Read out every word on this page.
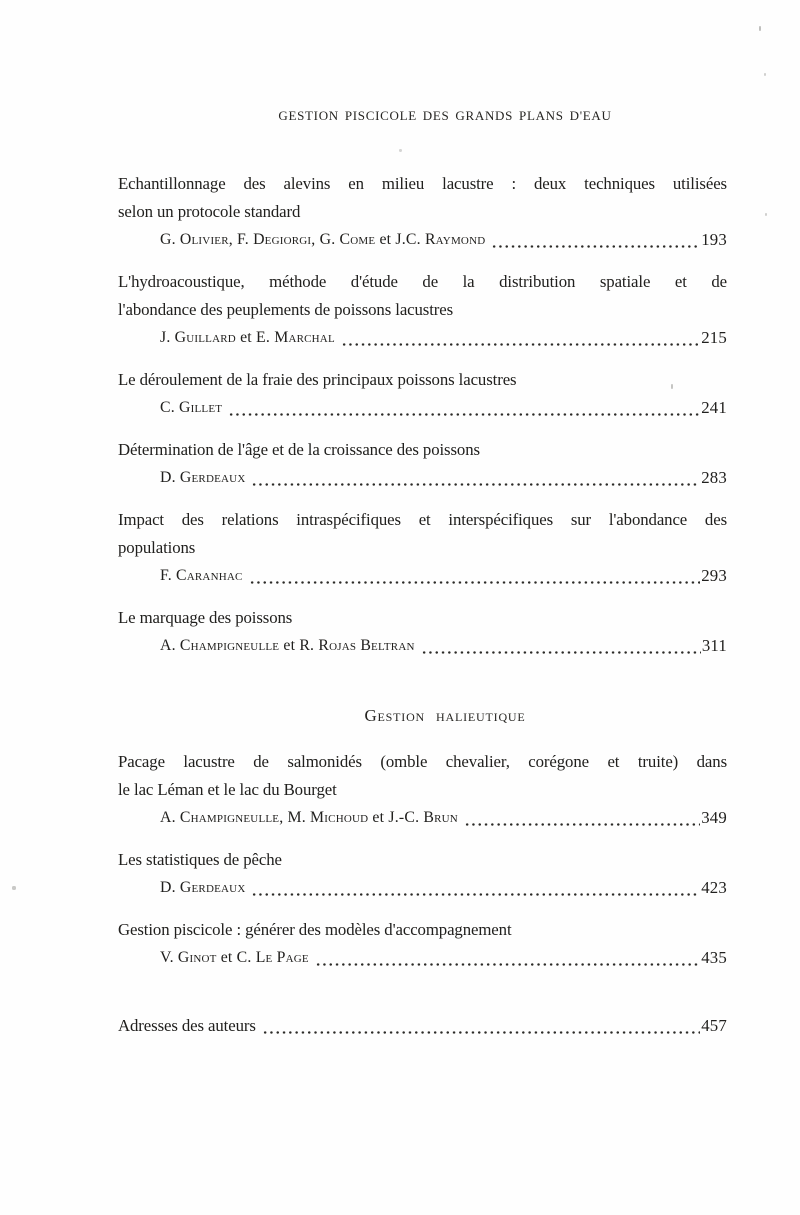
GESTION PISCICOLE DES GRANDS PLANS D'EAU
Echantillonnage des alevins en milieu lacustre : deux techniques utilisées
selon un protocole standard
G. Olivier, F. Degiorgi, G. Come et J.C. Raymond	193
L'hydroacoustique, méthode d'étude de la distribution spatiale et de
l'abondance des peuplements de poissons lacustres
J. Guillard et E. Marchal	215
Le déroulement de la fraie des principaux poissons lacustres
C. Gillet	241
Détermination de l'âge et de la croissance des poissons
D. Gerdeaux	283
Impact des relations intraspécifiques et interspécifiques sur l'abondance des
populations
F. Caranhac	293
Le marquage des poissons
A. Champigneulle et R. Rojas Beltran	311
Gestion halieutique
Pacage lacustre de salmonidés (omble chevalier, corégone et truite) dans
le lac Léman et le lac du Bourget
A. Champigneulle, M. Michoud et J.-C. Brun	349
Les statistiques de pêche
D. Gerdeaux	423
Gestion piscicole : générer des modèles d'accompagnement
V. Ginot et C. Le Page	435
Adresses des auteurs	457
